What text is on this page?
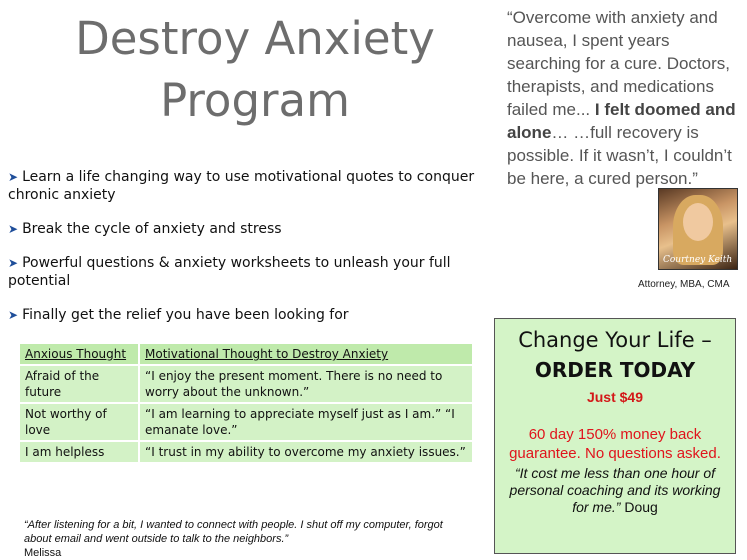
Destroy Anxiety Program
➤ Learn a life changing way to use motivational quotes to conquer chronic anxiety
➤ Break the cycle of anxiety and stress
➤ Powerful questions & anxiety worksheets to unleash your full potential
➤ Finally get the relief you have been looking for
“Overcome with anxiety and nausea, I spent years searching for a cure. Doctors, therapists, and medications failed me... I felt doomed and alone… …full recovery is possible. If it wasn’t, I couldn’t be here, a cured person.”
Courtney Keith
Attorney, MBA, CMA
Anxious Thought	Motivational Thought to Destroy Anxiety
Afraid of the future	“I enjoy the present moment. There is no need to worry about the unknown.”
Not worthy of love	“I am learning to appreciate myself just as I am.” “I emanate love.”
I am helpless	“I trust in my ability to overcome my anxiety issues.”
“After listening for a bit, I wanted to connect with people. I shut off my computer, forgot about email and went outside to talk to the neighbors.”
Melissa
Change Your Life –
ORDER TODAY
Just $49
60 day 150% money back guarantee. No questions asked.
“It cost me less than one hour of personal coaching and its working for me.” Doug
